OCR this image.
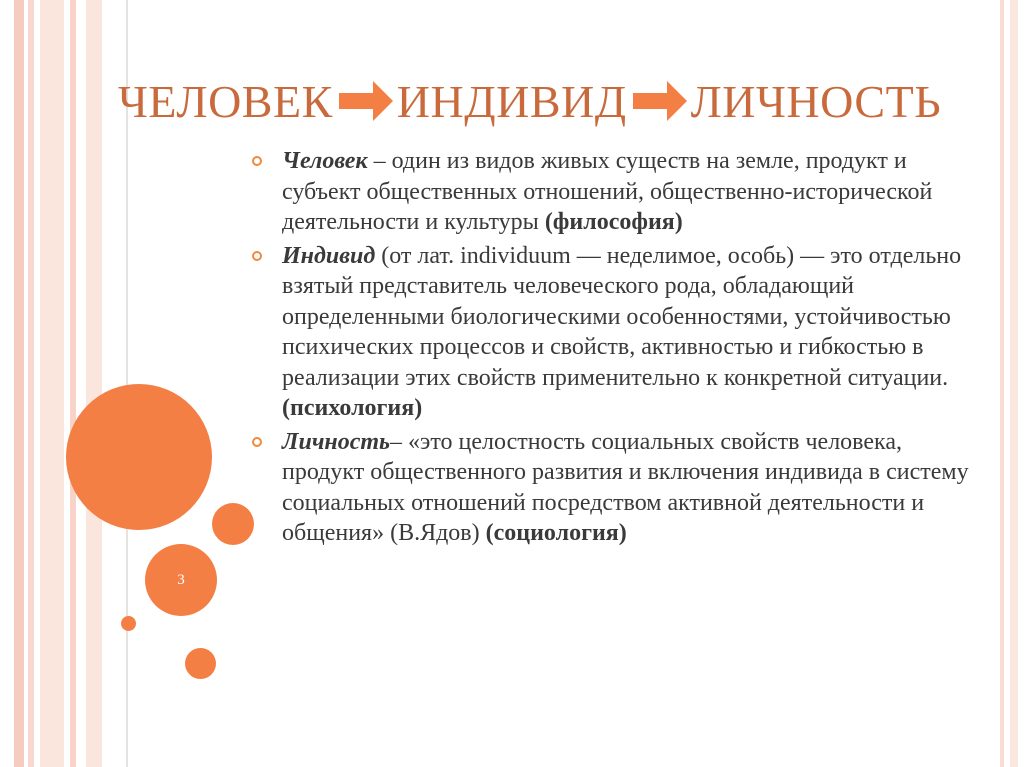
3
ЧЕЛОВЕК ИНДИВИД ЛИЧНОСТЬ
Человек – один из видов живых существ на земле, продукт и субъект общественных отношений, общественно-исторической деятельности и культуры (философия)
Индивид (от лат. individuum — неделимое, особь) — это отдельно взятый представитель человеческого рода, обладающий определенными биологическими особенностями, устойчивостью психических процессов и свойств, активностью и гибкостью в реализации этих свойств применительно к конкретной ситуации. (психология)
Личность– «это целостность социальных свойств человека, продукт общественного развития и включения индивида в систему социальных отношений посредством активной деятельности и общения» (В.Ядов) (социология)
